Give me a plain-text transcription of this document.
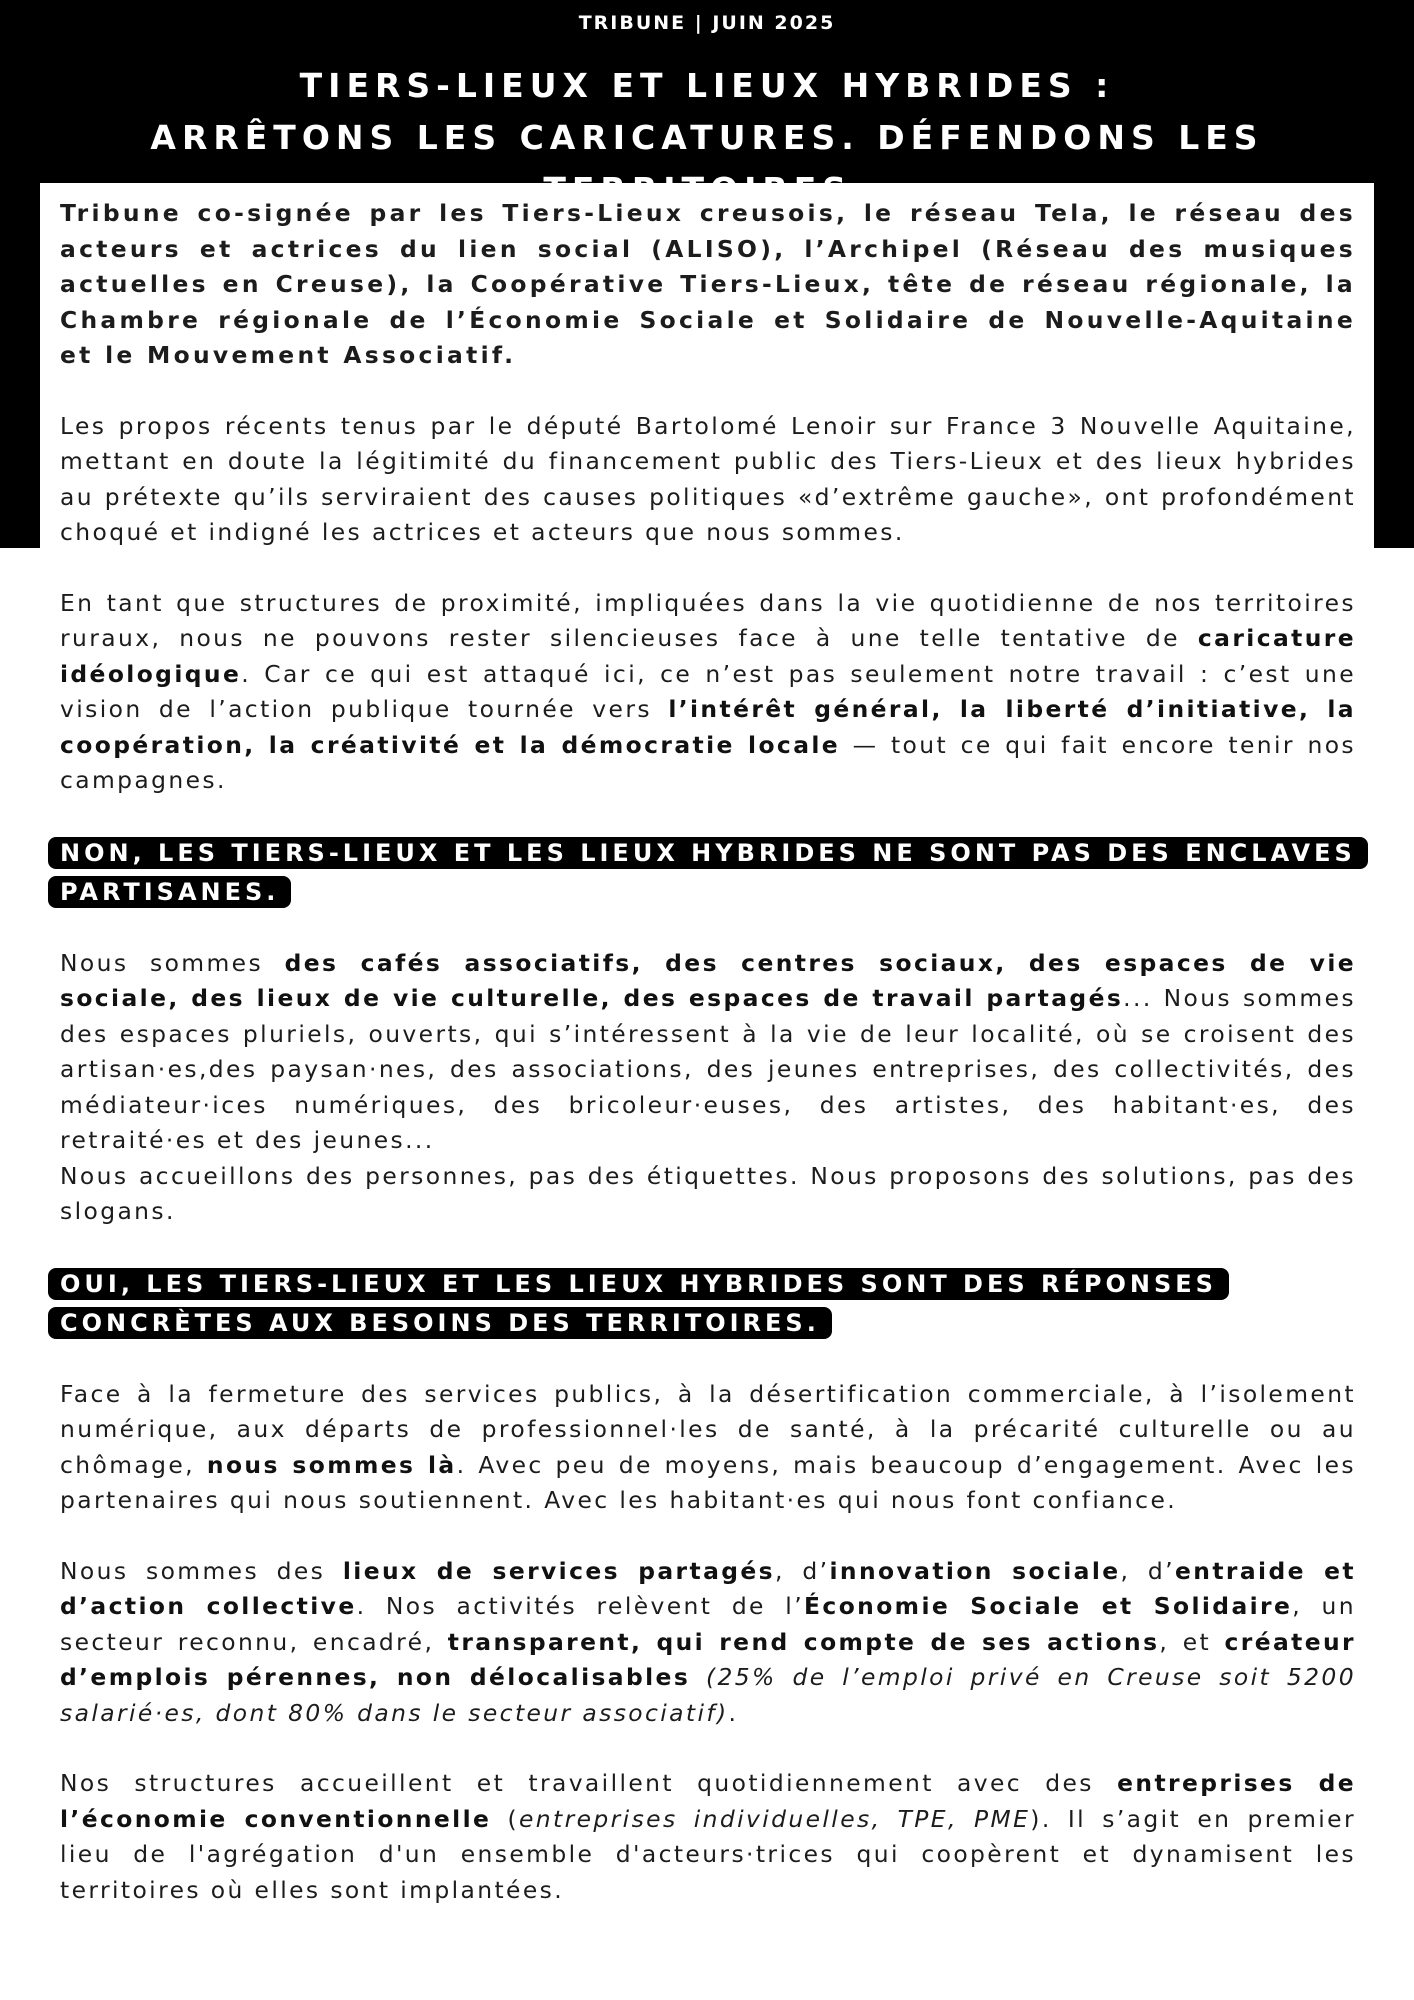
TRIBUNE | JUIN 2025
TIERS-LIEUX ET LIEUX HYBRIDES :
ARRÊTONS LES CARICATURES. DÉFENDONS LES

Tribune co-signée par les Tiers-Lieux creusois, le réseau Tela, le réseau des acteurs et actrices du lien social (ALISO), l’Archipel (Réseau des musiques actuelles en Creuse), la Coopérative Tiers-Lieux, tête de réseau régionale, la Chambre régionale de l’Économie Sociale et Solidaire de Nouvelle-Aquitaine et le Mouvement Associatif.

Les propos récents tenus par le député Bartolomé Lenoir sur France 3 Nouvelle Aquitaine, mettant en doute la légitimité du financement public des Tiers-Lieux et des lieux hybrides au prétexte qu’ils serviraient des causes politiques «d’extrême gauche», ont profondément choqué et indigné les actrices et acteurs que nous sommes.

En tant que structures de proximité, impliquées dans la vie quotidienne de nos territoires ruraux, nous ne pouvons rester silencieuses face à une telle tentative de caricature idéologique. Car ce qui est attaqué ici, ce n’est pas seulement notre travail : c’est une vision de l’action publique tournée vers l’intérêt général, la liberté d’initiative, la coopération, la créativité et la démocratie locale — tout ce qui fait encore tenir nos campagnes.

NON, LES TIERS-LIEUX ET LES LIEUX HYBRIDES NE SONT PAS DES ENCLAVES PARTISANES.

Nous sommes des cafés associatifs, des centres sociaux, des espaces de vie sociale, des lieux de vie culturelle, des espaces de travail partagés... Nous sommes des espaces pluriels, ouverts, qui s’intéressent à la vie de leur localité, où se croisent des artisan·es,des paysan·nes, des associations, des jeunes entreprises, des collectivités, des médiateur·ices numériques, des bricoleur·euses, des artistes, des habitant·es, des retraité·es et des jeunes...
Nous accueillons des personnes, pas des étiquettes. Nous proposons des solutions, pas des slogans.

OUI, LES TIERS-LIEUX ET LES LIEUX HYBRIDES SONT DES RÉPONSES CONCRÈTES AUX BESOINS DES TERRITOIRES.

Face à la fermeture des services publics, à la désertification commerciale, à l’isolement numérique, aux départs de professionnel·les de santé, à la précarité culturelle ou au chômage, nous sommes là. Avec peu de moyens, mais beaucoup d’engagement. Avec les partenaires qui nous soutiennent. Avec les habitant·es qui nous font confiance.

Nous sommes des lieux de services partagés, d’innovation sociale, d’entraide et d’action collective. Nos activités relèvent de l’Économie Sociale et Solidaire, un secteur reconnu, encadré, transparent, qui rend compte de ses actions, et créateur d’emplois pérennes, non délocalisables (25% de l’emploi privé en Creuse soit 5200 salarié·es, dont 80% dans le secteur associatif).

Nos structures accueillent et travaillent quotidiennement avec des entreprises de l’économie conventionnelle (entreprises individuelles, TPE, PME). Il s’agit en premier lieu de l'agrégation d'un ensemble d'acteurs·trices qui coopèrent et dynamisent les territoires où elles sont implantées.
